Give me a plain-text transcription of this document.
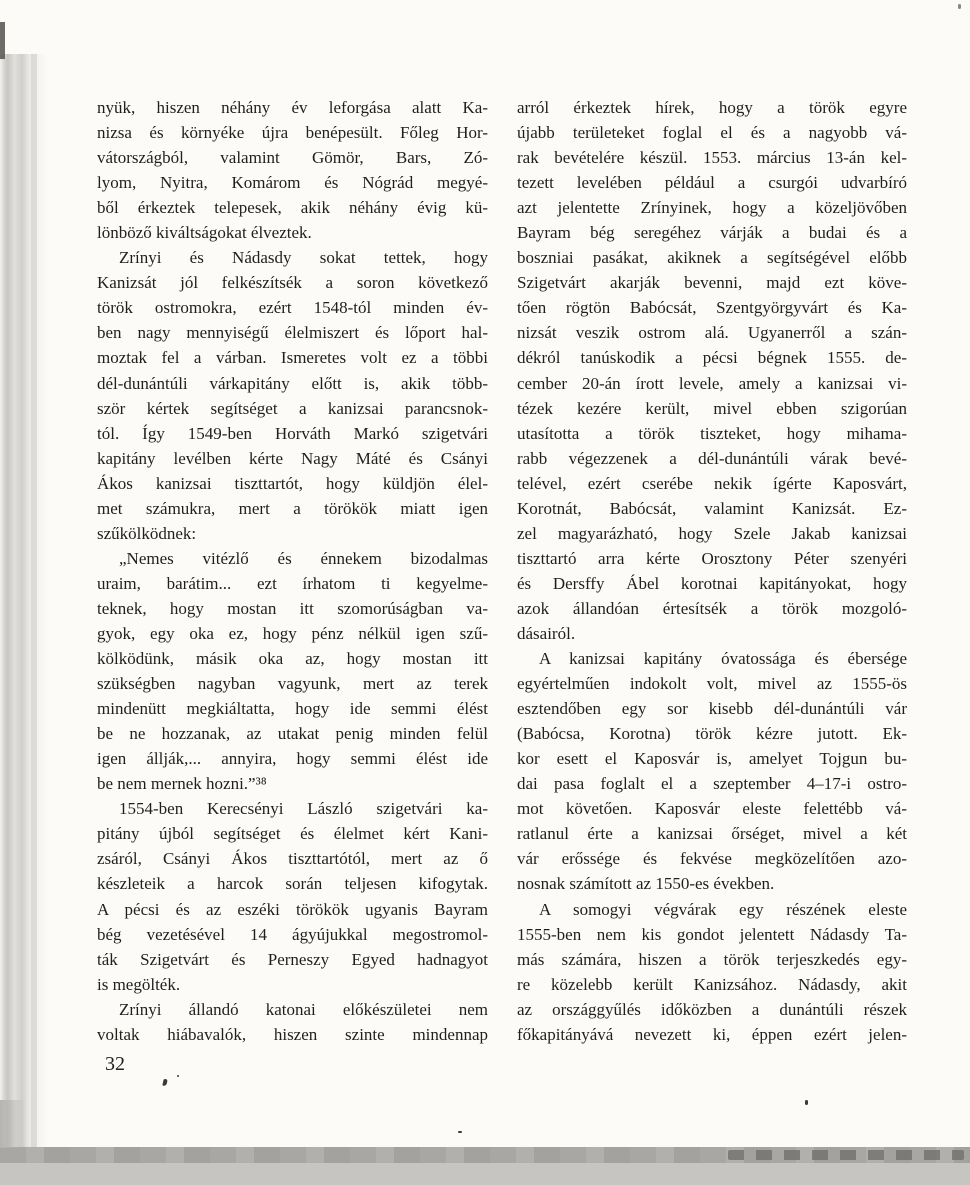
nyük, hiszen néhány év leforgása alatt Ka-
nizsa és környéke újra benépesült. Főleg Hor-
vátországból, valamint Gömör, Bars, Zó-
lyom, Nyitra, Komárom és Nógrád megyé-
ből érkeztek telepesek, akik néhány évig kü-
lönböző kiváltságokat élveztek.
Zrínyi és Nádasdy sokat tettek, hogy
Kanizsát jól felkészítsék a soron következő
török ostromokra, ezért 1548-tól minden év-
ben nagy mennyiségű élelmiszert és lőport hal-
moztak fel a várban. Ismeretes volt ez a többi
dél-dunántúli várkapitány előtt is, akik több-
ször kértek segítséget a kanizsai parancsnok-
tól. Így 1549-ben Horváth Markó szigetvári
kapitány levélben kérte Nagy Máté és Csányi
Ákos kanizsai tiszttartót, hogy küldjön élel-
met számukra, mert a törökök miatt igen
szűkölködnek:
„Nemes vitézlő és énnekem bizodalmas
uraim, barátim... ezt írhatom ti kegyelme-
teknek, hogy mostan itt szomorúságban va-
gyok, egy oka ez, hogy pénz nélkül igen szű-
kölködünk, másik oka az, hogy mostan itt
szükségben nagyban vagyunk, mert az terek
mindenütt megkiáltatta, hogy ide semmi élést
be ne hozzanak, az utakat penig minden felül
igen állják,... annyira, hogy semmi élést ide
be nem mernek hozni.”³⁸
1554-ben Kerecsényi László szigetvári ka-
pitány újból segítséget és élelmet kért Kani-
zsáról, Csányi Ákos tiszttartótól, mert az ő
készleteik a harcok során teljesen kifogytak.
A pécsi és az eszéki törökök ugyanis Bayram
bég vezetésével 14 ágyújukkal megostromol-
ták Szigetvárt és Perneszy Egyed hadnagyot
is megölték.
Zrínyi állandó katonai előkészületei nem
voltak hiábavalók, hiszen szinte mindennap
arról érkeztek hírek, hogy a török egyre
újabb területeket foglal el és a nagyobb vá-
rak bevételére készül. 1553. március 13-án kel-
tezett levelében például a csurgói udvarbíró
azt jelentette Zrínyinek, hogy a közeljövőben
Bayram bég seregéhez várják a budai és a
boszniai pasákat, akiknek a segítségével előbb
Szigetvárt akarják bevenni, majd ezt köve-
tően rögtön Babócsát, Szentgyörgyvárt és Ka-
nizsát veszik ostrom alá. Ugyanerről a szán-
dékról tanúskodik a pécsi bégnek 1555. de-
cember 20-án írott levele, amely a kanizsai vi-
tézek kezére került, mivel ebben szigorúan
utasította a török tiszteket, hogy mihama-
rabb végezzenek a dél-dunántúli várak bevé-
telével, ezért cserébe nekik ígérte Kaposvárt,
Korotnát, Babócsát, valamint Kanizsát. Ez-
zel magyarázható, hogy Szele Jakab kanizsai
tiszttartó arra kérte Orosztony Péter szenyéri
és Dersffy Ábel korotnai kapitányokat, hogy
azok állandóan értesítsék a török mozgoló-
dásairól.
A kanizsai kapitány óvatossága és ébersége
egyértelműen indokolt volt, mivel az 1555-ös
esztendőben egy sor kisebb dél-dunántúli vár
(Babócsa, Korotna) török kézre jutott. Ek-
kor esett el Kaposvár is, amelyet Tojgun bu-
dai pasa foglalt el a szeptember 4–17-i ostro-
mot követően. Kaposvár eleste felettébb vá-
ratlanul érte a kanizsai őrséget, mivel a két
vár erőssége és fekvése megközelítően azo-
nosnak számított az 1550-es években.
A somogyi végvárak egy részének eleste
1555-ben nem kis gondot jelentett Nádasdy Ta-
más számára, hiszen a török terjeszkedés egy-
re közelebb került Kanizsához. Nádasdy, akit
az országgyűlés időközben a dunántúli részek
főkapitányává nevezett ki, éppen ezért jelen-
32
